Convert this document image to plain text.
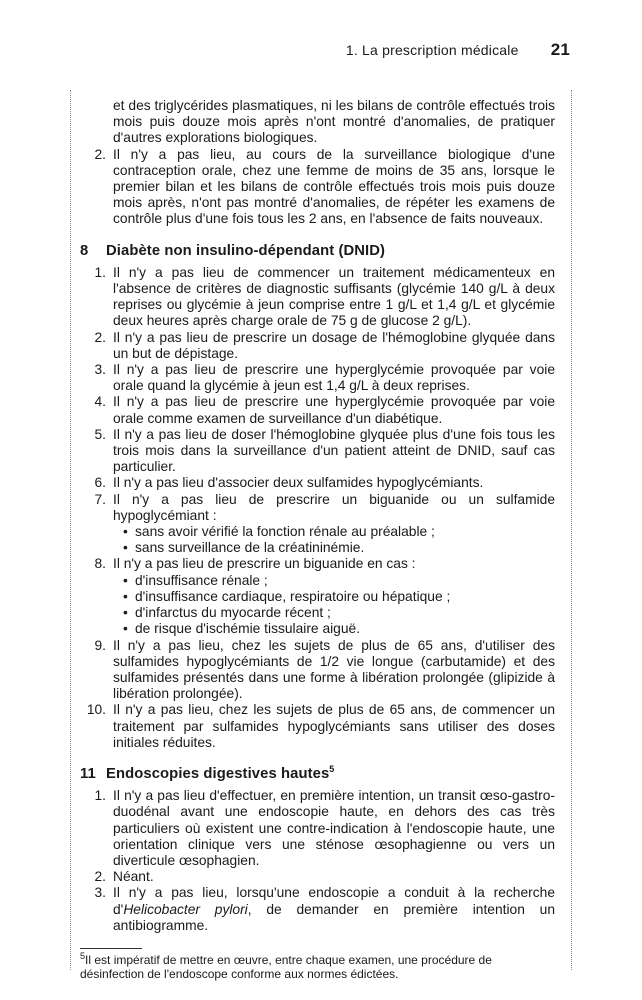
1. La prescription médicale 21

et des triglycérides plasmatiques, ni les bilans de contrôle effectués trois mois puis douze mois après n'ont montré d'anomalies, de pratiquer d'autres explorations biologiques.

2. Il n'y a pas lieu, au cours de la surveillance biologique d'une contraception orale, chez une femme de moins de 35 ans, lorsque le premier bilan et les bilans de contrôle effectués trois mois puis douze mois après, n'ont pas montré d'anomalies, de répéter les examens de contrôle plus d'une fois tous les 2 ans, en l'absence de faits nouveaux.
8 Diabète non insulino-dépendant (DNID)
1. Il n'y a pas lieu de commencer un traitement médicamenteux en l'absence de critères de diagnostic suffisants (glycémie 140 g/L à deux reprises ou glycémie à jeun comprise entre 1 g/L et 1,4 g/L et glycémie deux heures après charge orale de 75 g de glucose 2 g/L).
2. Il n'y a pas lieu de prescrire un dosage de l'hémoglobine glyquée dans un but de dépistage.
3. Il n'y a pas lieu de prescrire une hyperglycémie provoquée par voie orale quand la glycémie à jeun est 1,4 g/L à deux reprises.
4. Il n'y a pas lieu de prescrire une hyperglycémie provoquée par voie orale comme examen de surveillance d'un diabétique.
5. Il n'y a pas lieu de doser l'hémoglobine glyquée plus d'une fois tous les trois mois dans la surveillance d'un patient atteint de DNID, sauf cas particulier.
6. Il n'y a pas lieu d'associer deux sulfamides hypoglycémiants.
7. Il n'y a pas lieu de prescrire un biguanide ou un sulfamide hypoglycémiant :
• sans avoir vérifié la fonction rénale au préalable ;
• sans surveillance de la créatininémie.
8. Il n'y a pas lieu de prescrire un biguanide en cas :
• d'insuffisance rénale ;
• d'insuffisance cardiaque, respiratoire ou hépatique ;
• d'infarctus du myocarde récent ;
• de risque d'ischémie tissulaire aiguë.
9. Il n'y a pas lieu, chez les sujets de plus de 65 ans, d'utiliser des sulfamides hypoglycémiants de 1/2 vie longue (carbutamide) et des sulfamides présentés dans une forme à libération prolongée (glipizide à libération prolongée).
10. Il n'y a pas lieu, chez les sujets de plus de 65 ans, de commencer un traitement par sulfamides hypoglycémiants sans utiliser des doses initiales réduites.
11 Endoscopies digestives hautes$^5$
1. Il n'y a pas lieu d'effectuer, en première intention, un transit œso-gastro-duodénal avant une endoscopie haute, en dehors des cas très particuliers où existent une contre-indication à l'endoscopie haute, une orientation clinique vers une sténose œsophagienne ou vers un diverticule œsophagien.
2. Néant.
3. Il n'y a pas lieu, lorsqu'une endoscopie a conduit à la recherche d'Helicobacter pylori, de demander en première intention un antibiogramme.

$^5$Il est impératif de mettre en œuvre, entre chaque examen, une procédure de désinfection de l'endoscope conforme aux normes édictées.
